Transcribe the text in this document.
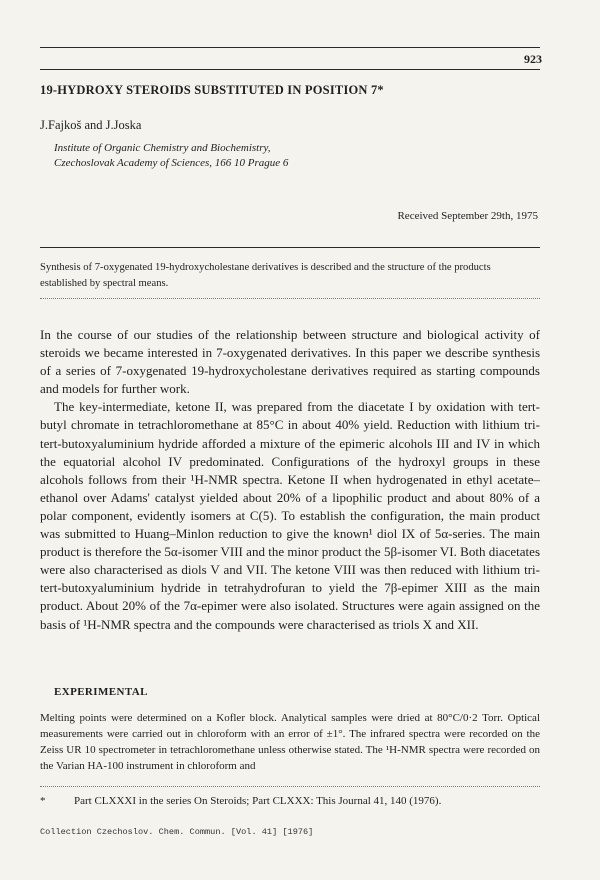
923
19-HYDROXY STEROIDS SUBSTITUTED IN POSITION 7*
J.Fajkoš and J.Joska
Institute of Organic Chemistry and Biochemistry,
Czechoslovak Academy of Sciences, 166 10 Prague 6
Received September 29th, 1975
Synthesis of 7-oxygenated 19-hydroxycholestane derivatives is described and the structure of the products established by spectral means.

In the course of our studies of the relationship between structure and biological activity of steroids we became interested in 7-oxygenated derivatives. In this paper we describe synthesis of a series of 7-oxygenated 19-hydroxycholestane derivatives required as starting compounds and models for further work.

The key-intermediate, ketone II, was prepared from the diacetate I by oxidation with tert-butyl chromate in tetrachloromethane at 85°C in about 40% yield. Reduction with lithium tri-tert-butoxyaluminium hydride afforded a mixture of the epimeric alcohols III and IV in which the equatorial alcohol IV predominated. Configurations of the hydroxyl groups in these alcohols follows from their ¹H-NMR spectra. Ketone II when hydrogenated in ethyl acetate–ethanol over Adams' catalyst yielded about 20% of a lipophilic product and about 80% of a polar component, evidently isomers at C(5). To establish the configuration, the main product was submitted to Huang–Minlon reduction to give the known¹ diol IX of 5α-series. The main product is therefore the 5α-isomer VIII and the minor product the 5β-isomer VI. Both diacetates were also characterised as diols V and VII. The ketone VIII was then reduced with lithium tri-tert-butoxyaluminium hydride in tetrahydrofuran to yield the 7β-epimer XIII as the main product. About 20% of the 7α-epimer were also isolated. Structures were again assigned on the basis of ¹H-NMR spectra and the compounds were characterised as triols X and XII.

EXPERIMENTAL
Melting points were determined on a Kofler block. Analytical samples were dried at 80°C/0·2 Torr. Optical measurements were carried out in chloroform with an error of ±1°. The infrared spectra were recorded on the Zeiss UR 10 spectrometer in tetrachloromethane unless otherwise stated. The ¹H-NMR spectra were recorded on the Varian HA-100 instrument in chloroform and
*	Part CLXXXI in the series On Steroids; Part CLXXX: This Journal 41, 140 (1976).
Collection Czechoslov. Chem. Commun. [Vol. 41] [1976]
